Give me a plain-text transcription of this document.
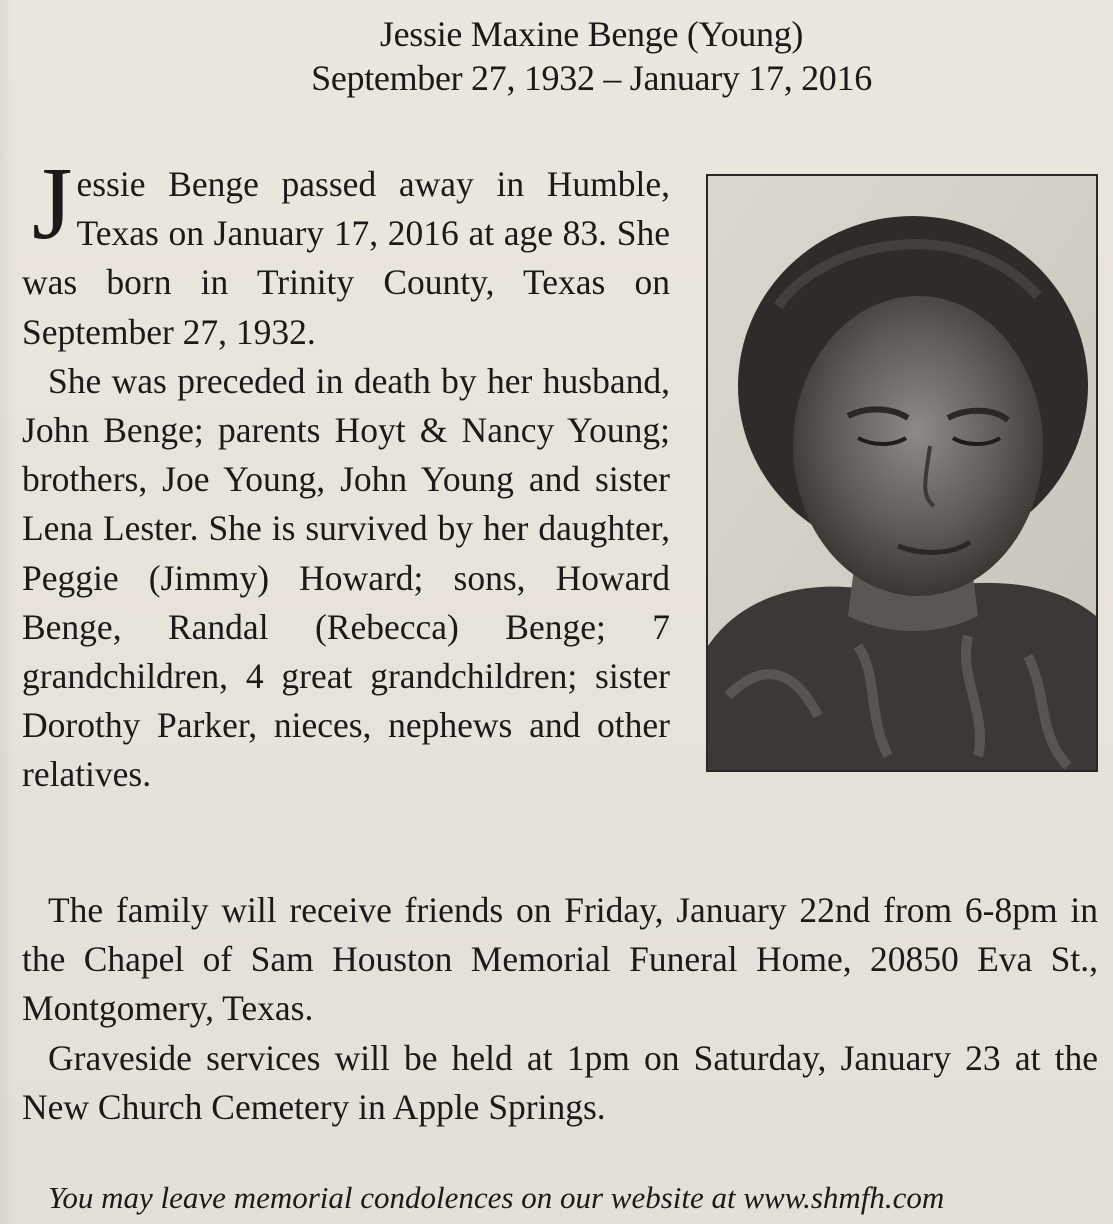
Jessie Maxine Benge (Young)
September 27, 1932 – January 17, 2016

Jessie Benge passed away in Humble, Texas on January 17, 2016 at age 83. She was born in Trinity County, Texas on September 27, 1932.

She was preceded in death by her husband, John Benge; parents Hoyt & Nancy Young; brothers, Joe Young, John Young and sister Lena Lester. She is survived by her daughter, Peggie (Jimmy) Howard; sons, Howard Benge, Randal (Rebecca) Benge; 7 grandchildren, 4 great grandchildren; sister Dorothy Parker, nieces, nephews and other relatives.

The family will receive friends on Friday, January 22nd from 6-8pm in the Chapel of Sam Houston Memorial Funeral Home, 20850 Eva St., Montgomery, Texas.

Graveside services will be held at 1pm on Saturday, January 23 at the New Church Cemetery in Apple Springs.

You may leave memorial condolences on our website at www.shmfh.com
